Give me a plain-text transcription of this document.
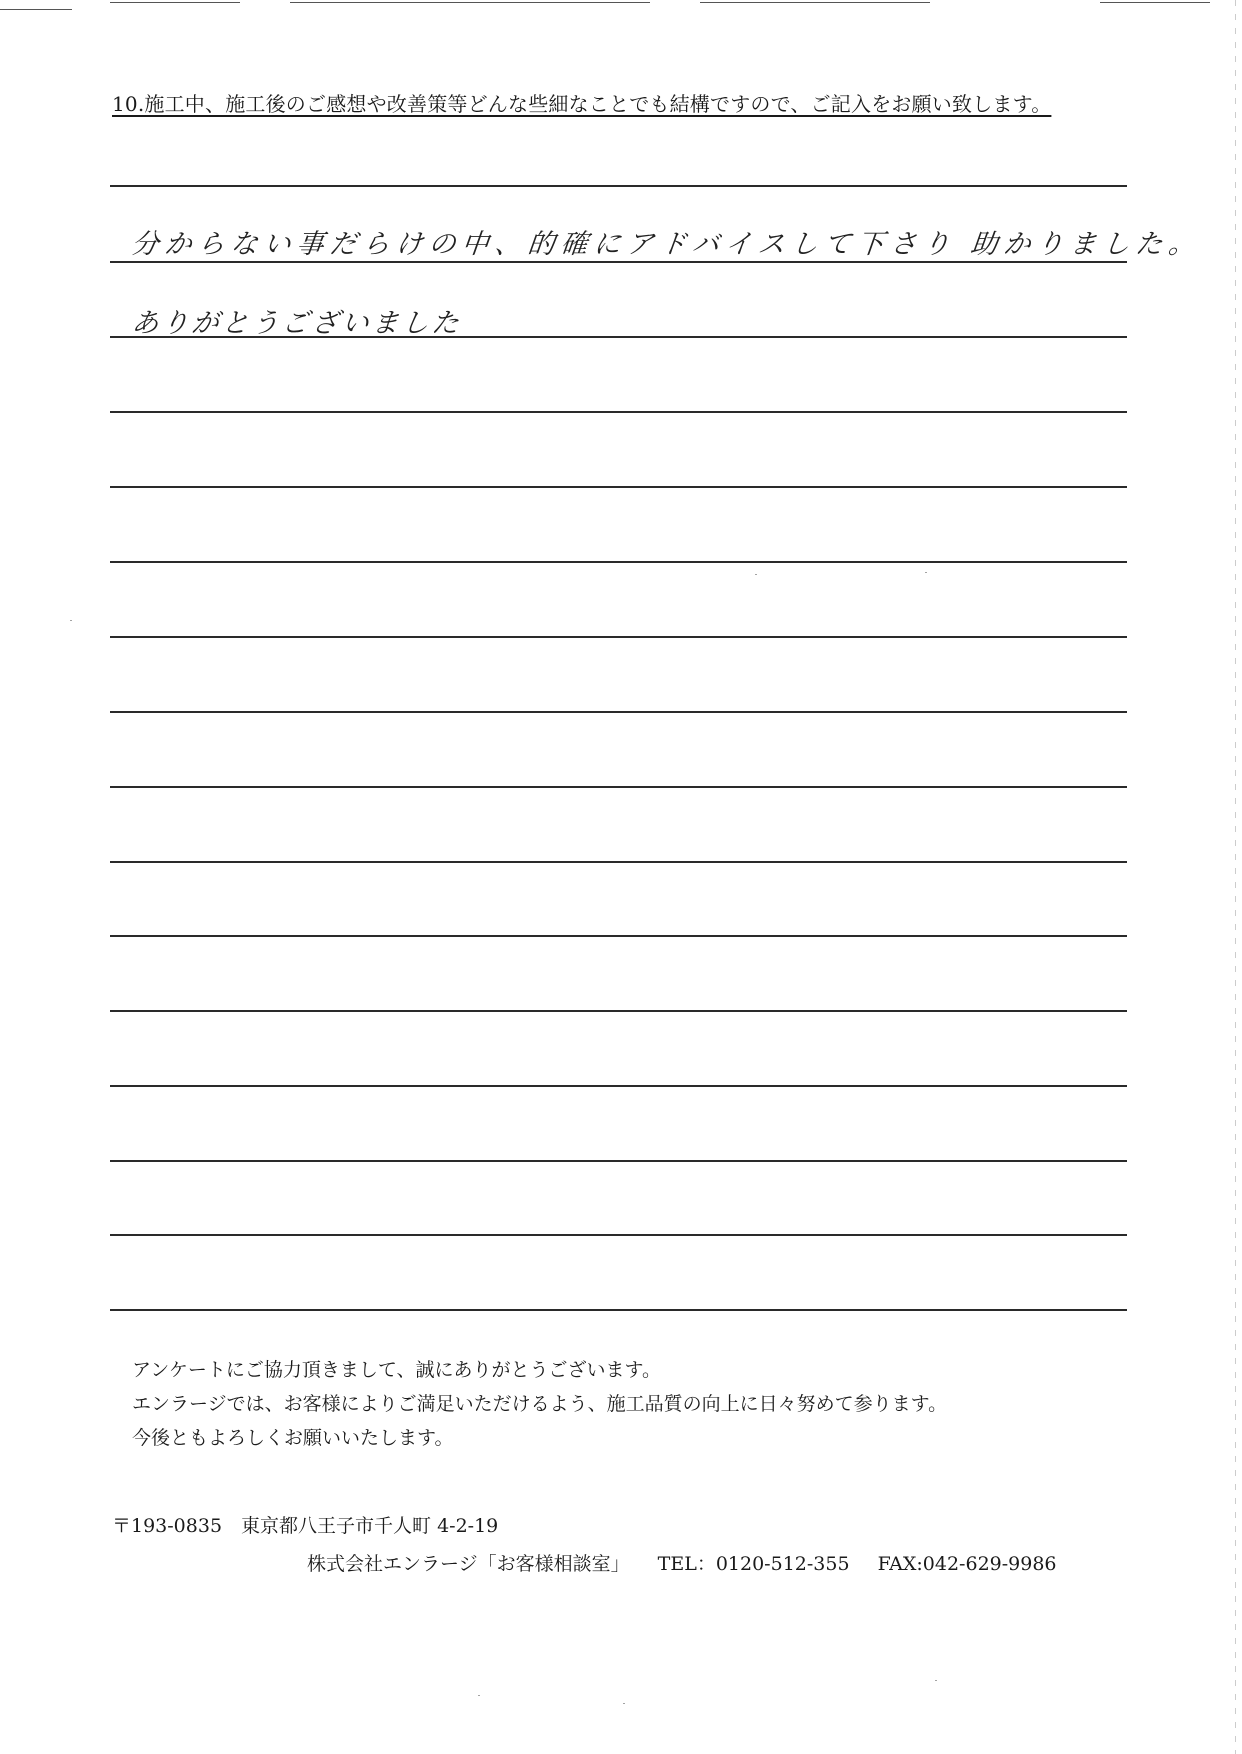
10.施工中、施工後のご感想や改善策等どんな些細なことでも結構ですので、ご記入をお願い致します。
分からない事だらけの中、的確にアドバイスして下さり 助かりました。
ありがとうございました
アンケートにご協力頂きまして、誠にありがとうございます。
エンラージでは、お客様によりご満足いただけるよう、施工品質の向上に日々努めて参ります。
今後ともよろしくお願いいたします。
〒193-0835　東京都八王子市千人町 4-2-19
株式会社エンラージ「お客様相談室」 TEL：0120-512-355 FAX:042-629-9986
